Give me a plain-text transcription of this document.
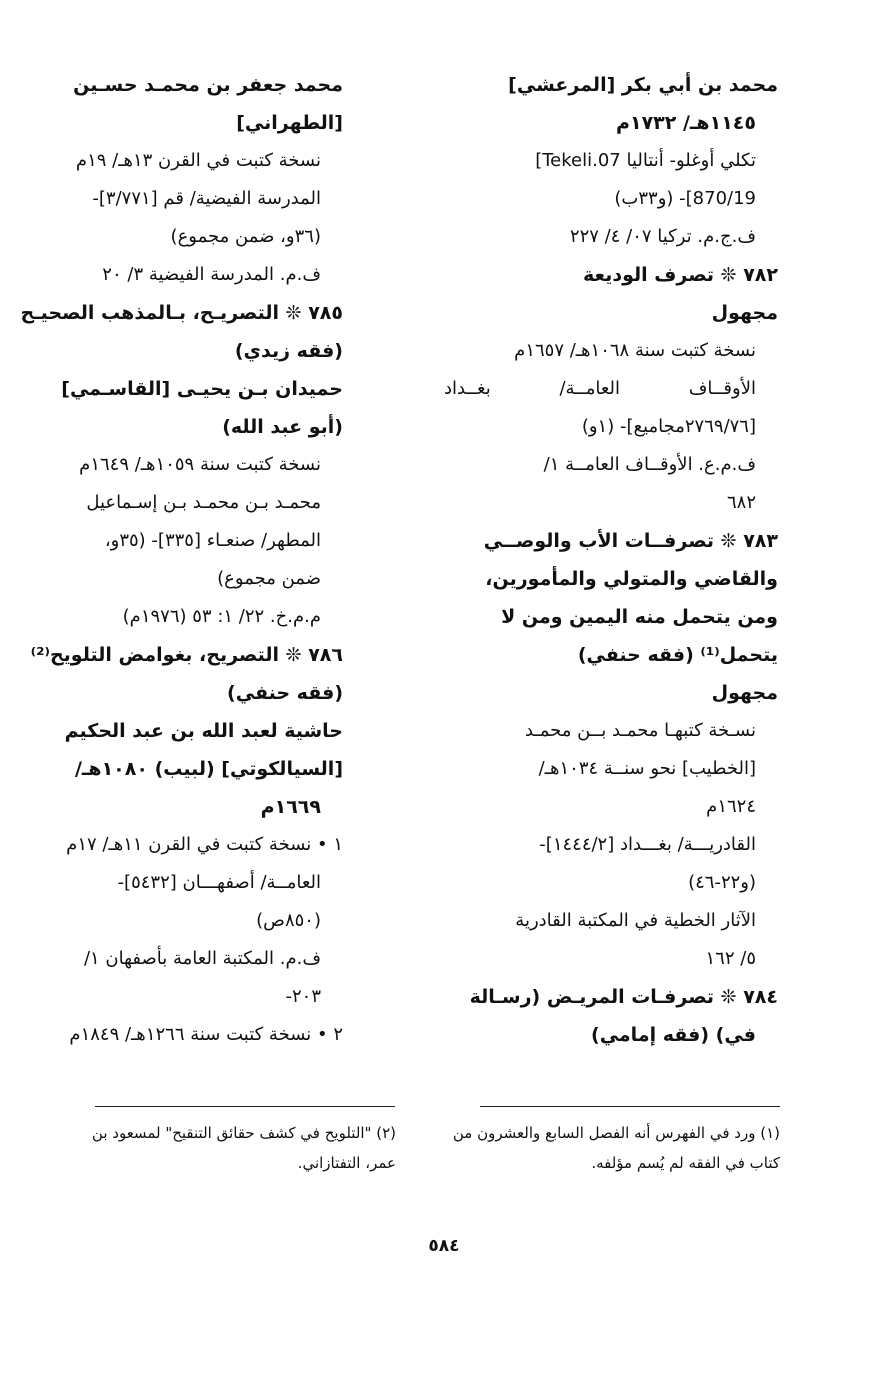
محمد بن أبي بكر [المرعشي]
١١٤٥هـ/ ١٧٣٢م
تكلي أوغلو- أنتاليا 07.Tekeli]
870/19]- (و٣٣ب)
ف.ج.م. تركيا ٠٧/ ٤/ ٢٢٧
٧٨٢ ❊ تصرف الوديعة
مجهول
نسخة كتبت سنة ١٠٦٨هـ/ ١٦٥٧م
الأوقــاف العامــة/ بغــداد
[٢٧٦٩/٧٦مجاميع]- (١و)
ف.م.ع. الأوقــاف العامــة ١/
٦٨٢
٧٨٣ ❊ تصرفــات الأب والوصــي
والقاضي والمتولي والمأمورين،
ومن يتحمل منه اليمين ومن لا
يتحمل⁽¹⁾ (فقه حنفي)
مجهول
نسـخة كتبهـا محمـد بــن محمـد
[الخطيب] نحو سنــة ١٠٣٤هـ/
١٦٢٤م
القادريـــة/ بغـــداد [١٤٤٤/٢]-
(و٢٢-٤٦)
الآثار الخطية في المكتبة القادرية
٥/ ١٦٢
٧٨٤ ❊ تصرفـات المريـض (رسـالة
في) (فقه إمامي)
محمد جعفر بن محمـد حسـين
[الطهراني]
نسخة كتبت في القرن ١٣هـ/ ١٩م
المدرسة الفيضية/ قم [٣/٧٧١]-
(٣٦و، ضمن مجموع)
ف.م. المدرسة الفيضية ٣/ ٢٠
٧٨٥ ❊ التصريـح، بـالمذهب الصحيـح
(فقه زيدي)
حميدان بـن يحيـى [القاسـمي]
(أبو عبد الله)
نسخة كتبت سنة ١٠٥٩هـ/ ١٦٤٩م
محمـد بـن محمـد بـن إسـماعيل
المطهر/ صنعـاء [٣٣٥]- (٣٥و،
ضمن مجموع)
م.م.خ. ٢٢/ ١: ٥٣ (١٩٧٦م)
٧٨٦ ❊ التصريح، بغوامض التلويح⁽²⁾
(فقه حنفي)
حاشية لعبد الله بن عبد الحكيم
[السيالكوتي] (لبيب) ١٠٨٠هـ/
١٦٦٩م
١ • نسخة كتبت في القرن ١١هـ/ ١٧م
العامــة/ أصفهـــان [٥٤٣٢]-
(٨٥٠ص)
ف.م. المكتبة العامة بأصفهان ١/
٢٠٣-
٢ • نسخة كتبت سنة ١٢٦٦هـ/ ١٨٤٩م
(١) ورد في الفهرس أنه الفصل السابع والعشرون من
كتاب في الفقه لم يُسم مؤلفه.
(٢) "التلويح في كشف حقائق التنقيح" لمسعود بن
عمر، التفتازاني.
٥٨٤
